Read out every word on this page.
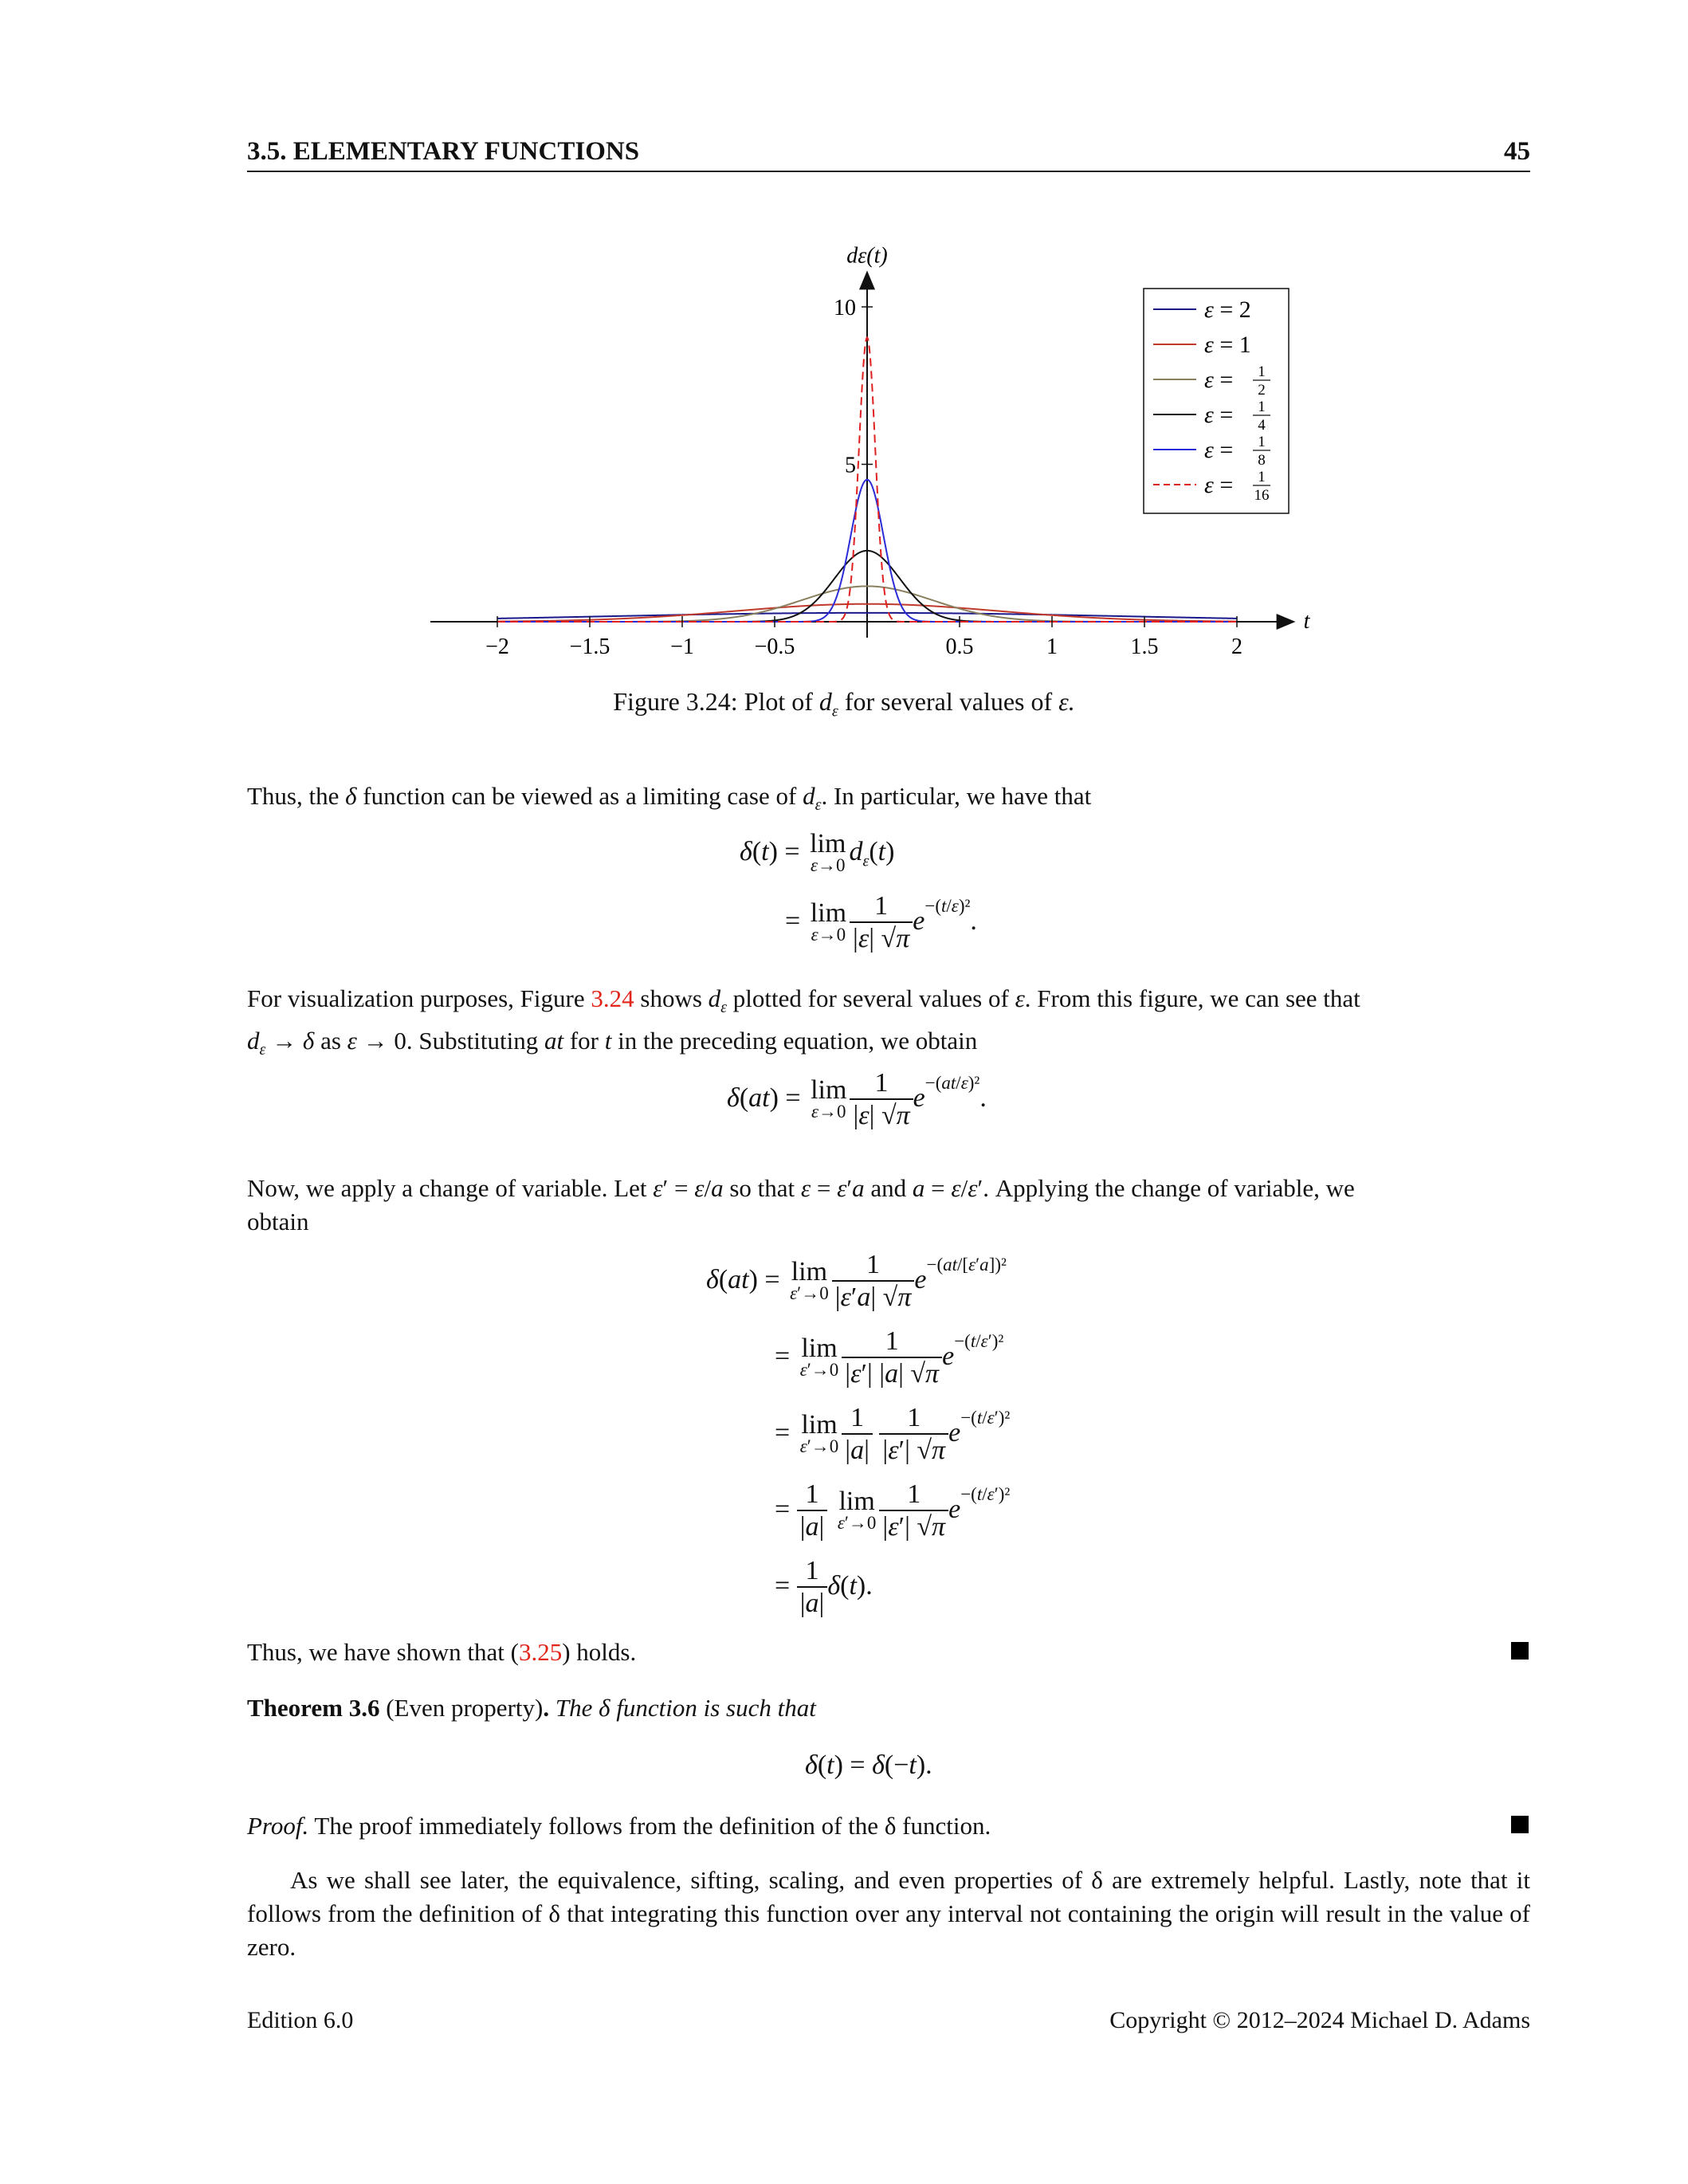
3.5. ELEMENTARY FUNCTIONS	45
t
dε(t)
−2	−1.5	−1	−0.5	0.5	1	1.5	2
5
10	ε = 2
ε = 1
ε = 1
2
ε = 1
4
ε = 1
8
ε = 1
16
Figure 3.24: Plot of $d_\varepsilon$ for several values of ε.
Thus, the δ function can be viewed as a limiting case of $d_\varepsilon$. In particular, we have that
δ(t) = lim
ε→0 $d_\varepsilon(t)$
= lim
$\varepsilon\to 0 \frac{1}{|\varepsilon| √\pi} e^{-(t/\varepsilon)^2}$.
For visualization purposes, Figure 3.24 shows $d_\varepsilon$ plotted for several values of ε. From this figure, we can see that
$d_\varepsilon \to \delta$ as ε → 0. Substituting at for t in the preceding equation, we obtain
δ(at) = lim
$\varepsilon\to 0 \frac{1}{|\varepsilon| √\pi} e^{-(at/\varepsilon)^2}$.
Now, we apply a change of variable. Let ε′ = ε/a so that ε = ε′a and a = ε/ε′. Applying the change of variable, we
obtain
δ(at) = lim
$\varepsilon'\to 0 \frac{1}{|\varepsilon'a| √\pi} e^{-(at/[\varepsilon'a])^2}$
= lim
$\varepsilon'\to 0 \frac{1}{|\varepsilon'| |a| √\pi} e^{-(t/\varepsilon')^2}$
= lim
$\varepsilon'\to 0 \frac{1}{|a|}$
$\frac{1}{|\varepsilon'| √\pi} e^{-(t/\varepsilon')^2}$
= $\frac{1}{|a|}$ lim
$\varepsilon'\to 0 \frac{1}{|\varepsilon'| √\pi} e^{-(t/\varepsilon')^2}$
= $\frac{1}{|a|} \delta(t)$.
Thus, we have shown that (3.25) holds.
Theorem 3.6 (Even property). The δ function is such that
δ(t) = δ(−t).
Proof. The proof immediately follows from the definition of the δ function.
As we shall see later, the equivalence, sifting, scaling, and even properties of δ are extremely helpful. Lastly, note that it follows from the definition of δ that integrating this function over any interval not containing the origin will result in the value of zero.
Edition 6.0	Copyright © 2012–2024 Michael D. Adams
